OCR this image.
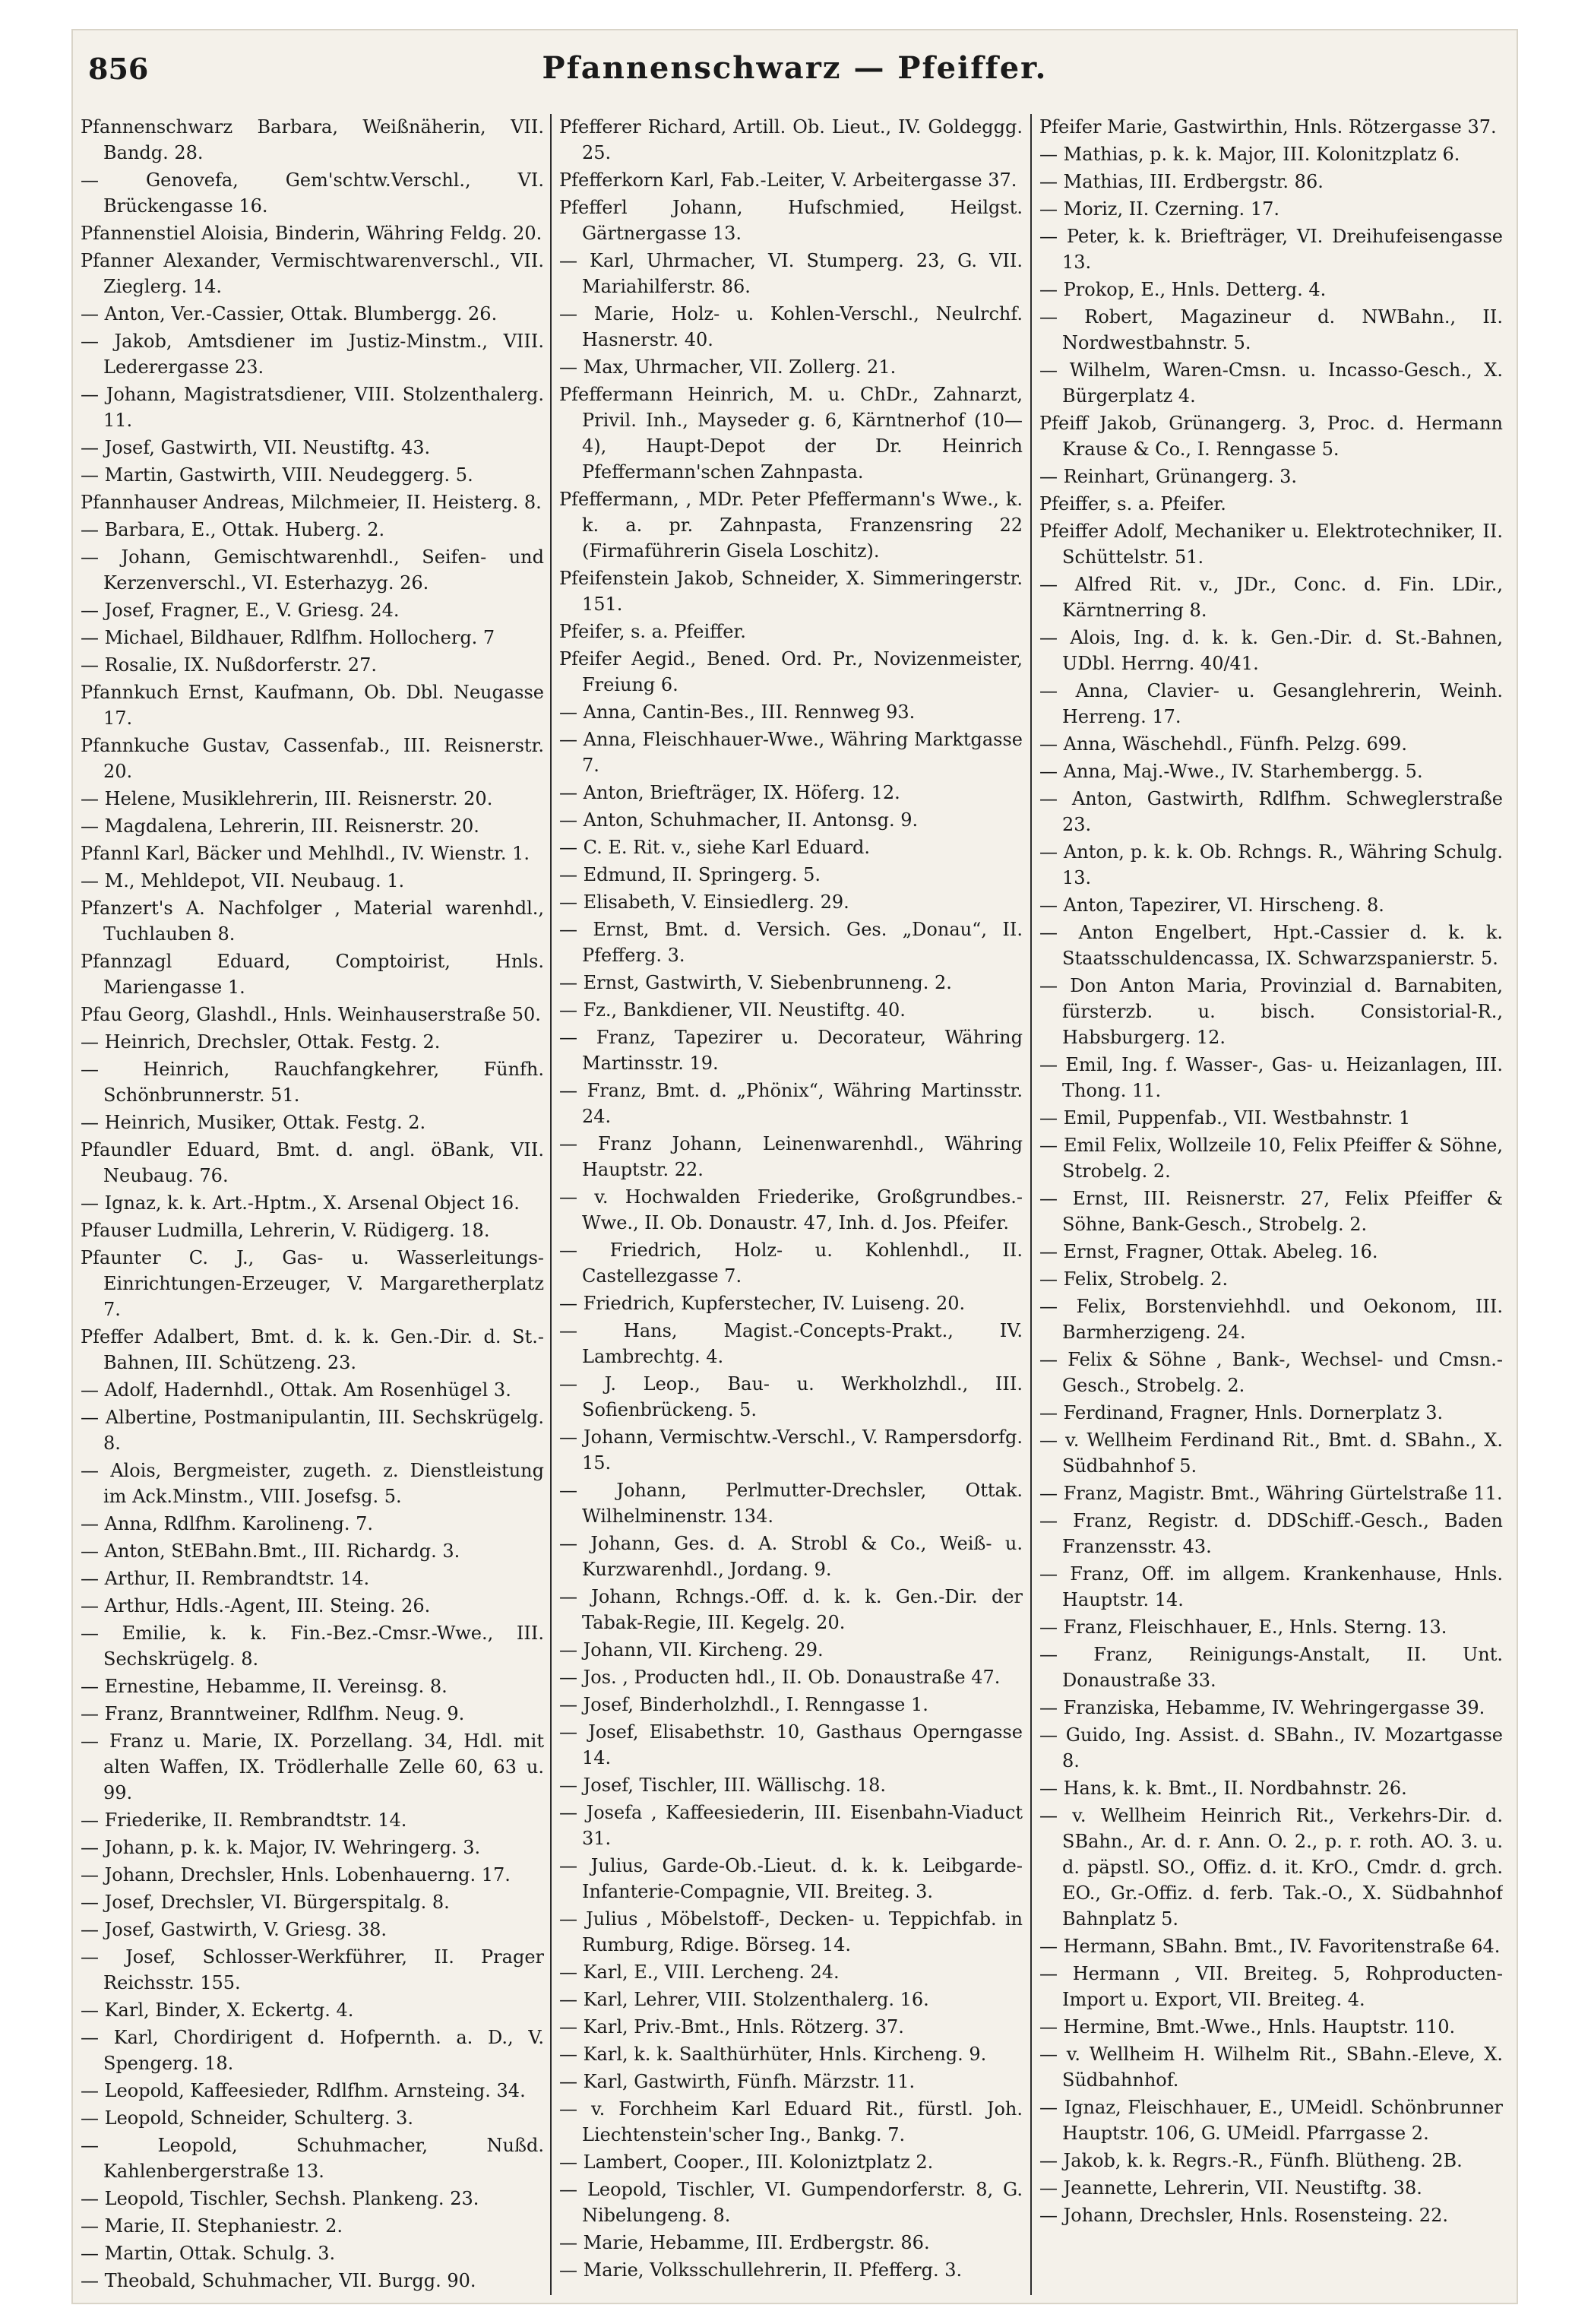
856	Pfannenschwarz — Pfeiffer.

Pfannenschwarz Barbara, Weißnäherin, VII. Bandg. 28.

— Genovefa, Gem'schtw.Verschl., VI. Brückengasse 16.

Pfannenstiel Aloisia, Binderin, Währing Feldg. 20.

Pfanner Alexander, Vermischtwarenverschl., VII. Zieglerg. 14.

— Anton, Ver.-Cassier, Ottak. Blumbergg. 26.

— Jakob, Amtsdiener im Justiz-Minstm., VIII. Lederergasse 23.

— Johann, Magistratsdiener, VIII. Stolzenthalerg. 11.

— Josef, Gastwirth, VII. Neustiftg. 43.

— Martin, Gastwirth, VIII. Neudeggerg. 5.

Pfannhauser Andreas, Milchmeier, II. Heisterg. 8.

— Barbara, E., Ottak. Huberg. 2.

— Johann, Gemischtwarenhdl., Seifen- und Kerzenverschl., VI. Esterhazyg. 26.

— Josef, Fragner, E., V. Griesg. 24.

— Michael, Bildhauer, Rdlfhm. Hollocherg. 7

— Rosalie, IX. Nußdorferstr. 27.

Pfannkuch Ernst, Kaufmann, Ob. Dbl. Neugasse 17.

Pfannkuche Gustav, Cassenfab., III. Reisnerstr. 20.

— Helene, Musiklehrerin, III. Reisnerstr. 20.

— Magdalena, Lehrerin, III. Reisnerstr. 20.

Pfannl Karl, Bäcker und Mehlhdl., IV. Wienstr. 1.

— M., Mehldepot, VII. Neubaug. 1.

Pfanzert's A. Nachfolger , Material warenhdl., Tuchlauben 8.

Pfannzagl Eduard, Comptoirist, Hnls. Mariengasse 1.

Pfau Georg, Glashdl., Hnls. Weinhauserstraße 50.

— Heinrich, Drechsler, Ottak. Festg. 2.

— Heinrich, Rauchfangkehrer, Fünfh. Schönbrunnerstr. 51.

— Heinrich, Musiker, Ottak. Festg. 2.

Pfaundler Eduard, Bmt. d. angl. öBank, VII. Neubaug. 76.

— Ignaz, k. k. Art.-Hptm., X. Arsenal Object 16.

Pfauser Ludmilla, Lehrerin, V. Rüdigerg. 18.

Pfaunter C. J., Gas- u. Wasserleitungs-Einrichtungen-Erzeuger, V. Margaretherplatz 7.

Pfeffer Adalbert, Bmt. d. k. k. Gen.-Dir. d. St.-Bahnen, III. Schützeng. 23.

— Adolf, Hadernhdl., Ottak. Am Rosenhügel 3.

— Albertine, Postmanipulantin, III. Sechskrügelg. 8.

— Alois, Bergmeister, zugeth. z. Dienstleistung im Ack.Minstm., VIII. Josefsg. 5.

— Anna, Rdlfhm. Karolineng. 7.

— Anton, StEBahn.Bmt., III. Richardg. 3.

— Arthur, II. Rembrandtstr. 14.

— Arthur, Hdls.-Agent, III. Steing. 26.

— Emilie, k. k. Fin.-Bez.-Cmsr.-Wwe., III. Sechskrügelg. 8.

— Ernestine, Hebamme, II. Vereinsg. 8.

— Franz, Branntweiner, Rdlfhm. Neug. 9.

— Franz u. Marie, IX. Porzellang. 34, Hdl. mit alten Waffen, IX. Trödlerhalle Zelle 60, 63 u. 99.

— Friederike, II. Rembrandtstr. 14.

— Johann, p. k. k. Major, IV. Wehringerg. 3.

— Johann, Drechsler, Hnls. Lobenhauerng. 17.

— Josef, Drechsler, VI. Bürgerspitalg. 8.

— Josef, Gastwirth, V. Griesg. 38.

— Josef, Schlosser-Werkführer, II. Prager Reichsstr. 155.

— Karl, Binder, X. Eckertg. 4.

— Karl, Chordirigent d. Hofpernth. a. D., V. Spengerg. 18.

— Leopold, Kaffeesieder, Rdlfhm. Arnsteing. 34.

— Leopold, Schneider, Schulterg. 3.

— Leopold, Schuhmacher, Nußd. Kahlenbergerstraße 13.

— Leopold, Tischler, Sechsh. Plankeng. 23.

— Marie, II. Stephaniestr. 2.

— Martin, Ottak. Schulg. 3.

— Theobald, Schuhmacher, VII. Burgg. 90.

Pfefferer Richard, Artill. Ob. Lieut., IV. Goldeggg. 25.

Pfefferkorn Karl, Fab.-Leiter, V. Arbeitergasse 37.

Pfefferl Johann, Hufschmied, Heilgst. Gärtnergasse 13.

— Karl, Uhrmacher, VI. Stumperg. 23, G. VII. Mariahilferstr. 86.

— Marie, Holz- u. Kohlen-Verschl., Neulrchf. Hasnerstr. 40.

— Max, Uhrmacher, VII. Zollerg. 21.

Pfeffermann Heinrich, M. u. ChDr., Zahnarzt, Privil. Inh., Mayseder g. 6, Kärntnerhof (10—4), Haupt-Depot der Dr. Heinrich Pfeffermann'schen Zahnpasta.

Pfeffermann, , MDr. Peter Pfeffermann's Wwe., k. k. a. pr. Zahnpasta, Franzensring 22 (Firmaführerin Gisela Loschitz).

Pfeifenstein Jakob, Schneider, X. Simmeringerstr. 151.

Pfeifer, s. a. Pfeiffer.

Pfeifer Aegid., Bened. Ord. Pr., Novizenmeister, Freiung 6.

— Anna, Cantin-Bes., III. Rennweg 93.

— Anna, Fleischhauer-Wwe., Währing Marktgasse 7.

— Anton, Briefträger, IX. Höferg. 12.

— Anton, Schuhmacher, II. Antonsg. 9.

— C. E. Rit. v., siehe Karl Eduard.

— Edmund, II. Springerg. 5.

— Elisabeth, V. Einsiedlerg. 29.

— Ernst, Bmt. d. Versich. Ges. „Donau“, II. Pfefferg. 3.

— Ernst, Gastwirth, V. Siebenbrunneng. 2.

— Fz., Bankdiener, VII. Neustiftg. 40.

— Franz, Tapezirer u. Decorateur, Währing Martinsstr. 19.

— Franz, Bmt. d. „Phönix“, Währing Martinsstr. 24.

— Franz Johann, Leinenwarenhdl., Währing Hauptstr. 22.

— v. Hochwalden Friederike, Großgrundbes.-Wwe., II. Ob. Donaustr. 47, Inh. d. Jos. Pfeifer.

— Friedrich, Holz- u. Kohlenhdl., II. Castellezgasse 7.

— Friedrich, Kupferstecher, IV. Luiseng. 20.

— Hans, Magist.-Concepts-Prakt., IV. Lambrechtg. 4.

— J. Leop., Bau- u. Werkholzhdl., III. Sofienbrückeng. 5.

— Johann, Vermischtw.-Verschl., V. Rampersdorfg. 15.

— Johann, Perlmutter-Drechsler, Ottak. Wilhelminenstr. 134.

— Johann, Ges. d. A. Strobl & Co., Weiß- u. Kurzwarenhdl., Jordang. 9.

— Johann, Rchngs.-Off. d. k. k. Gen.-Dir. der Tabak-Regie, III. Kegelg. 20.

— Johann, VII. Kircheng. 29.

— Jos. , Producten hdl., II. Ob. Donaustraße 47.

— Josef, Binderholzhdl., I. Renngasse 1.

— Josef, Elisabethstr. 10, Gasthaus Operngasse 14.

— Josef, Tischler, III. Wällischg. 18.

— Josefa , Kaffeesiederin, III. Eisenbahn-Viaduct 31.

— Julius, Garde-Ob.-Lieut. d. k. k. Leibgarde-Infanterie-Compagnie, VII. Breiteg. 3.

— Julius , Möbelstoff-, Decken- u. Teppichfab. in Rumburg, Rdige. Börseg. 14.

— Karl, E., VIII. Lercheng. 24.

— Karl, Lehrer, VIII. Stolzenthalerg. 16.

— Karl, Priv.-Bmt., Hnls. Rötzerg. 37.

— Karl, k. k. Saalthürhüter, Hnls. Kircheng. 9.

— Karl, Gastwirth, Fünfh. Märzstr. 11.

— v. Forchheim Karl Eduard Rit., fürstl. Joh. Liechtenstein'scher Ing., Bankg. 7.

— Lambert, Cooper., III. Koloniztplatz 2.

— Leopold, Tischler, VI. Gumpendorferstr. 8, G. Nibelungeng. 8.

— Marie, Hebamme, III. Erdbergstr. 86.

— Marie, Volksschullehrerin, II. Pfefferg. 3.

Pfeifer Marie, Gastwirthin, Hnls. Rötzergasse 37.

— Mathias, p. k. k. Major, III. Kolonitzplatz 6.

— Mathias, III. Erdbergstr. 86.

— Moriz, II. Czerning. 17.

— Peter, k. k. Briefträger, VI. Dreihufeisengasse 13.

— Prokop, E., Hnls. Detterg. 4.

— Robert, Magazineur d. NWBahn., II. Nordwestbahnstr. 5.

— Wilhelm, Waren-Cmsn. u. Incasso-Gesch., X. Bürgerplatz 4.

Pfeiff Jakob, Grünangerg. 3, Proc. d. Hermann Krause & Co., I. Renngasse 5.

— Reinhart, Grünangerg. 3.

Pfeiffer, s. a. Pfeifer.

Pfeiffer Adolf, Mechaniker u. Elektrotechniker, II. Schüttelstr. 51.

— Alfred Rit. v., JDr., Conc. d. Fin. LDir., Kärntnerring 8.

— Alois, Ing. d. k. k. Gen.-Dir. d. St.-Bahnen, UDbl. Herrng. 40/41.

— Anna, Clavier- u. Gesanglehrerin, Weinh. Herreng. 17.

— Anna, Wäschehdl., Fünfh. Pelzg. 699.

— Anna, Maj.-Wwe., IV. Starhembergg. 5.

— Anton, Gastwirth, Rdlfhm. Schweglerstraße 23.

— Anton, p. k. k. Ob. Rchngs. R., Währing Schulg. 13.

— Anton, Tapezirer, VI. Hirscheng. 8.

— Anton Engelbert, Hpt.-Cassier d. k. k. Staatsschuldencassa, IX. Schwarzspanierstr. 5.

— Don Anton Maria, Provinzial d. Barnabiten, fürsterzb. u. bisch. Consistorial-R., Habsburgerg. 12.

— Emil, Ing. f. Wasser-, Gas- u. Heizanlagen, III. Thong. 11.

— Emil, Puppenfab., VII. Westbahnstr. 1

— Emil Felix, Wollzeile 10, Felix Pfeiffer & Söhne, Strobelg. 2.

— Ernst, III. Reisnerstr. 27, Felix Pfeiffer & Söhne, Bank-Gesch., Strobelg. 2.

— Ernst, Fragner, Ottak. Abeleg. 16.

— Felix, Strobelg. 2.

— Felix, Borstenviehhdl. und Oekonom, III. Barmherzigeng. 24.

— Felix & Söhne , Bank-, Wechsel- und Cmsn.-Gesch., Strobelg. 2.

— Ferdinand, Fragner, Hnls. Dornerplatz 3.

— v. Wellheim Ferdinand Rit., Bmt. d. SBahn., X. Südbahnhof 5.

— Franz, Magistr. Bmt., Währing Gürtelstraße 11.

— Franz, Registr. d. DDSchiff.-Gesch., Baden Franzensstr. 43.

— Franz, Off. im allgem. Krankenhause, Hnls. Hauptstr. 14.

— Franz, Fleischhauer, E., Hnls. Sterng. 13.

— Franz, Reinigungs-Anstalt, II. Unt. Donaustraße 33.

— Franziska, Hebamme, IV. Wehringergasse 39.

— Guido, Ing. Assist. d. SBahn., IV. Mozartgasse 8.

— Hans, k. k. Bmt., II. Nordbahnstr. 26.

— v. Wellheim Heinrich Rit., Verkehrs-Dir. d. SBahn., Ar. d. r. Ann. O. 2., p. r. roth. AO. 3. u. d. päpstl. SO., Offiz. d. it. KrO., Cmdr. d. grch. EO., Gr.-Offiz. d. ferb. Tak.-O., X. Südbahnhof Bahnplatz 5.

— Hermann, SBahn. Bmt., IV. Favoritenstraße 64.

— Hermann , VII. Breiteg. 5, Rohproducten-Import u. Export, VII. Breiteg. 4.

— Hermine, Bmt.-Wwe., Hnls. Hauptstr. 110.

— v. Wellheim H. Wilhelm Rit., SBahn.-Eleve, X. Südbahnhof.

— Ignaz, Fleischhauer, E., UMeidl. Schönbrunner Hauptstr. 106, G. UMeidl. Pfarrgasse 2.

— Jakob, k. k. Regrs.-R., Fünfh. Blütheng. 2B.

— Jeannette, Lehrerin, VII. Neustiftg. 38.

— Johann, Drechsler, Hnls. Rosensteing. 22.
